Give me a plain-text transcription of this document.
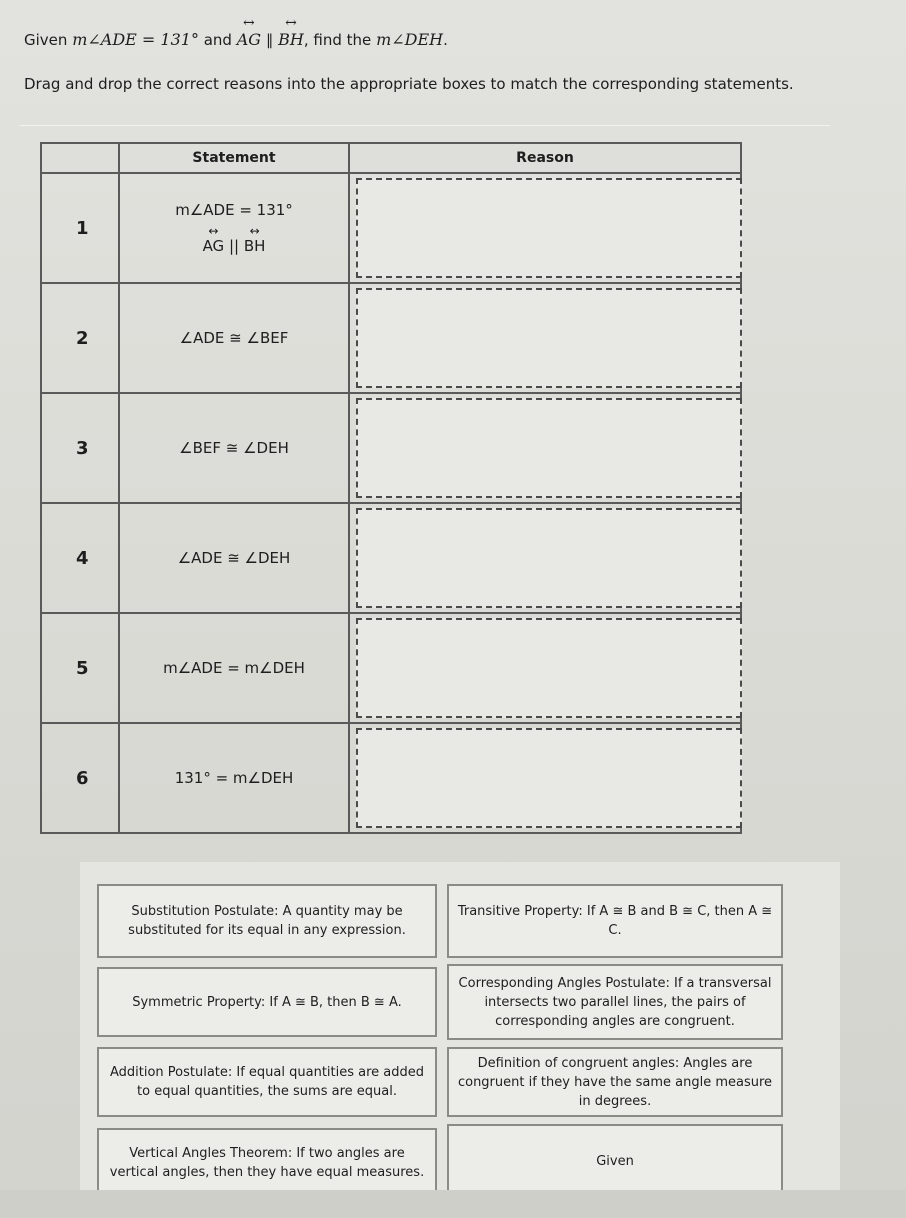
Given m∠ADE = 131° and ↔ AG ∥ ↔ BH, find the m∠DEH.
Drag and drop the correct reasons into the appropriate boxes to match the corresponding statements.
	Statement	Reason
1	m∠ADE = 131°
↔ AG || ↔ BH

2	∠ADE ≅ ∠BEF	

3	∠BEF ≅ ∠DEH	

4	∠ADE ≅ ∠DEH	

5	m∠ADE = m∠DEH	

6	131° = m∠DEH	

Substitution Postulate: A quantity may be substituted for its equal in any expression.
Transitive Property: If A ≅ B and B ≅ C, then A ≅ C.
Symmetric Property: If A ≅ B, then B ≅ A.
Corresponding Angles Postulate: If a transversal intersects two parallel lines, the pairs of corresponding angles are congruent.
Addition Postulate: If equal quantities are added to equal quantities, the sums are equal.
Definition of congruent angles: Angles are congruent if they have the same angle measure in degrees.
Vertical Angles Theorem: If two angles are vertical angles, then they have equal measures.
Given
